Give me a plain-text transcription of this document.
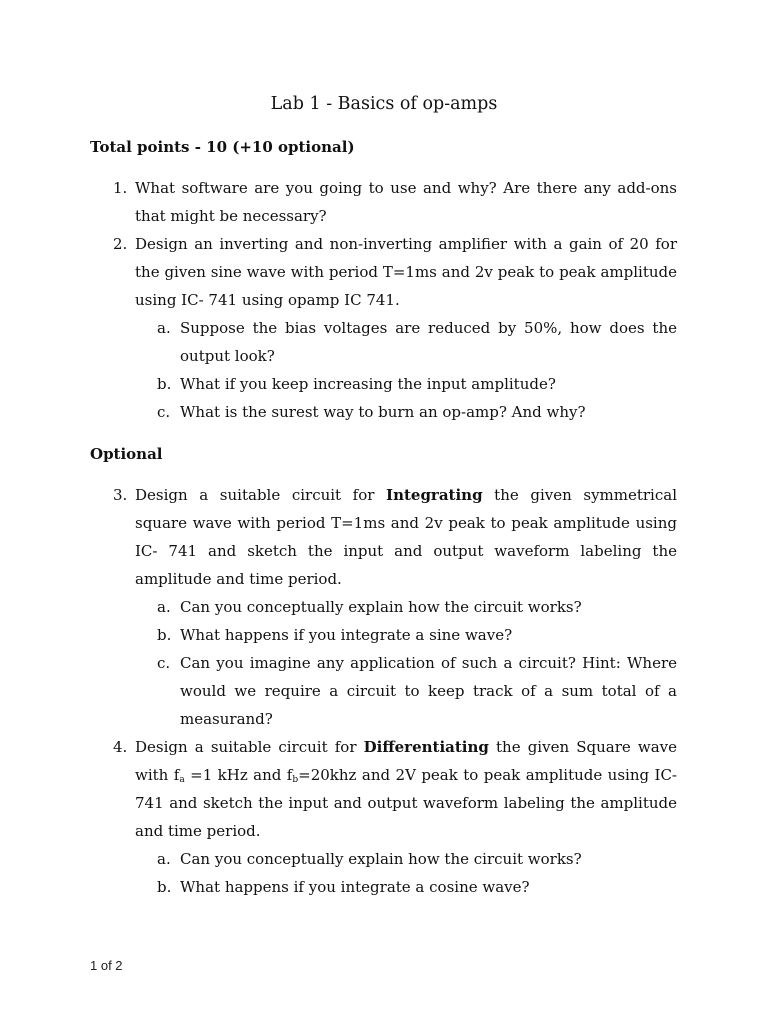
Lab 1 - Basics of op-amps

Total points - 10 (+10 optional)

1. What software are you going to use and why? Are there any add-ons that might be necessary?
2. Design an inverting and non-inverting amplifier with a gain of 20 for the given sine wave with period T=1ms and 2v peak to peak amplitude using IC- 741 using opamp IC 741.
a. Suppose the bias voltages are reduced by 50%, how does the output look?
b. What if you keep increasing the input amplitude?
c. What is the surest way to burn an op-amp? And why?

Optional

3. Design a suitable circuit for Integrating the given symmetrical square wave with period T=1ms and 2v peak to peak amplitude using IC- 741 and sketch the input and output waveform labeling the amplitude and time period.
a. Can you conceptually explain how the circuit works?
b. What happens if you integrate a sine wave?
c. Can you imagine any application of such a circuit? Hint: Where would we require a circuit to keep track of a sum total of a measurand?
4. Design a suitable circuit for Differentiating the given Square wave with $f_a =1$ kHz and $f_b=20khz$ and 2V peak to peak amplitude using IC- 741 and sketch the input and output waveform labeling the amplitude and time period.
a. Can you conceptually explain how the circuit works?
b. What happens if you integrate a cosine wave?
1 of 2
